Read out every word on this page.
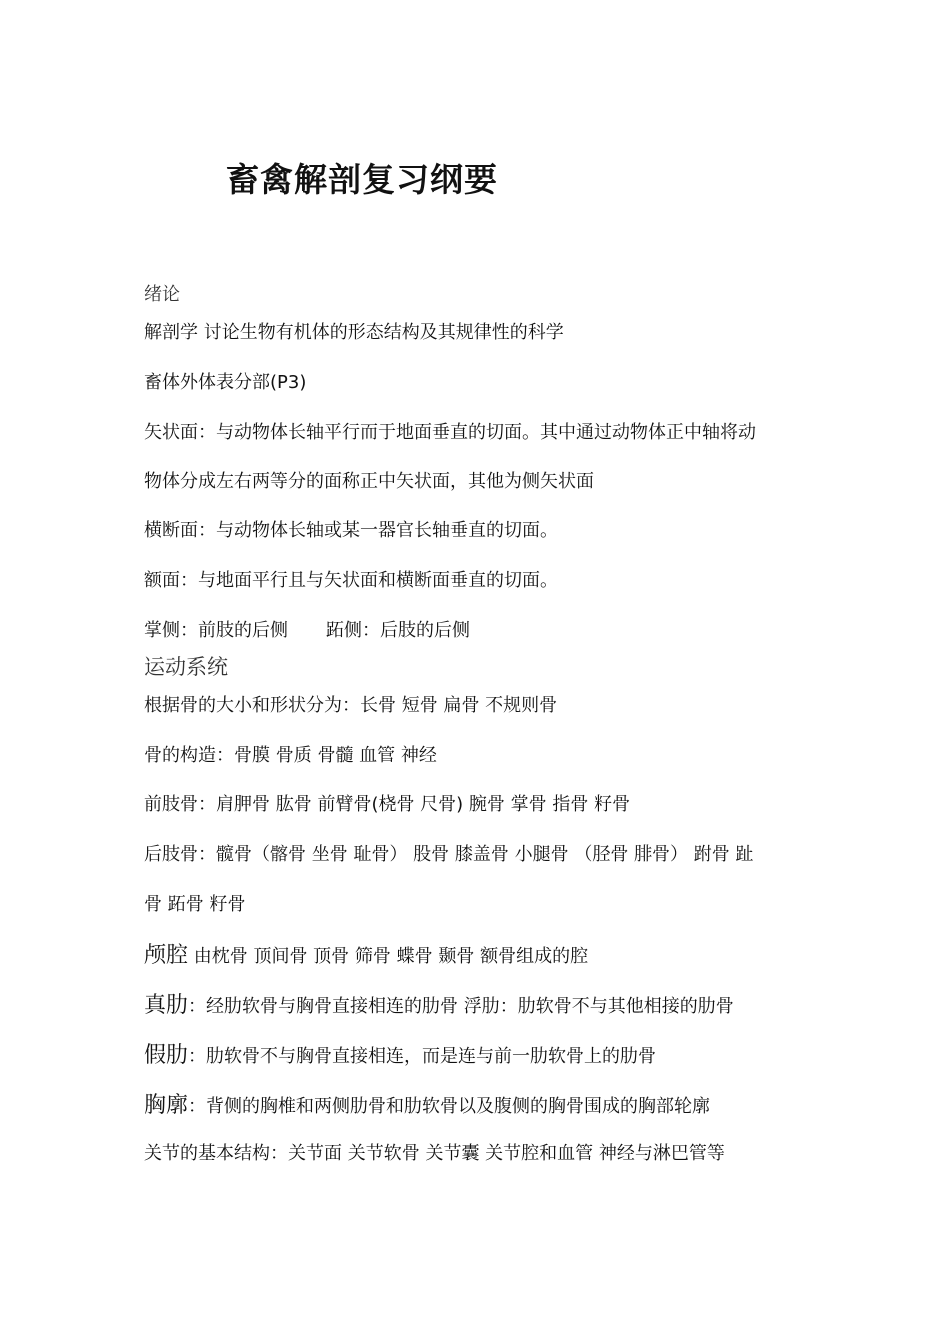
畜禽解剖复习纲要
绪论
解剖学 讨论生物有机体的形态结构及其规律性的科学
畜体外体表分部(P3)
矢状面：与动物体长轴平行而于地面垂直的切面。其中通过动物体正中轴将动
物体分成左右两等分的面称正中矢状面，其他为侧矢状面
横断面：与动物体长轴或某一器官长轴垂直的切面。
额面：与地面平行且与矢状面和横断面垂直的切面。
掌侧：前肢的后侧 跖侧：后肢的后侧
运动系统
根据骨的大小和形状分为：长骨 短骨 扁骨 不规则骨
骨的构造：骨膜 骨质 骨髓 血管 神经
前肢骨：肩胛骨 肱骨 前臂骨(桡骨 尺骨) 腕骨 掌骨 指骨 籽骨
后肢骨：髋骨（髂骨 坐骨 耻骨） 股骨 膝盖骨 小腿骨 （胫骨 腓骨） 跗骨 趾
骨 跖骨 籽骨
颅腔 由枕骨 顶间骨 顶骨 筛骨 蝶骨 颞骨 额骨组成的腔
真肋：经肋软骨与胸骨直接相连的肋骨 浮肋：肋软骨不与其他相接的肋骨
假肋：肋软骨不与胸骨直接相连，而是连与前一肋软骨上的肋骨
胸廓：背侧的胸椎和两侧肋骨和肋软骨以及腹侧的胸骨围成的胸部轮廓
关节的基本结构：关节面 关节软骨 关节囊 关节腔和血管 神经与淋巴管等
